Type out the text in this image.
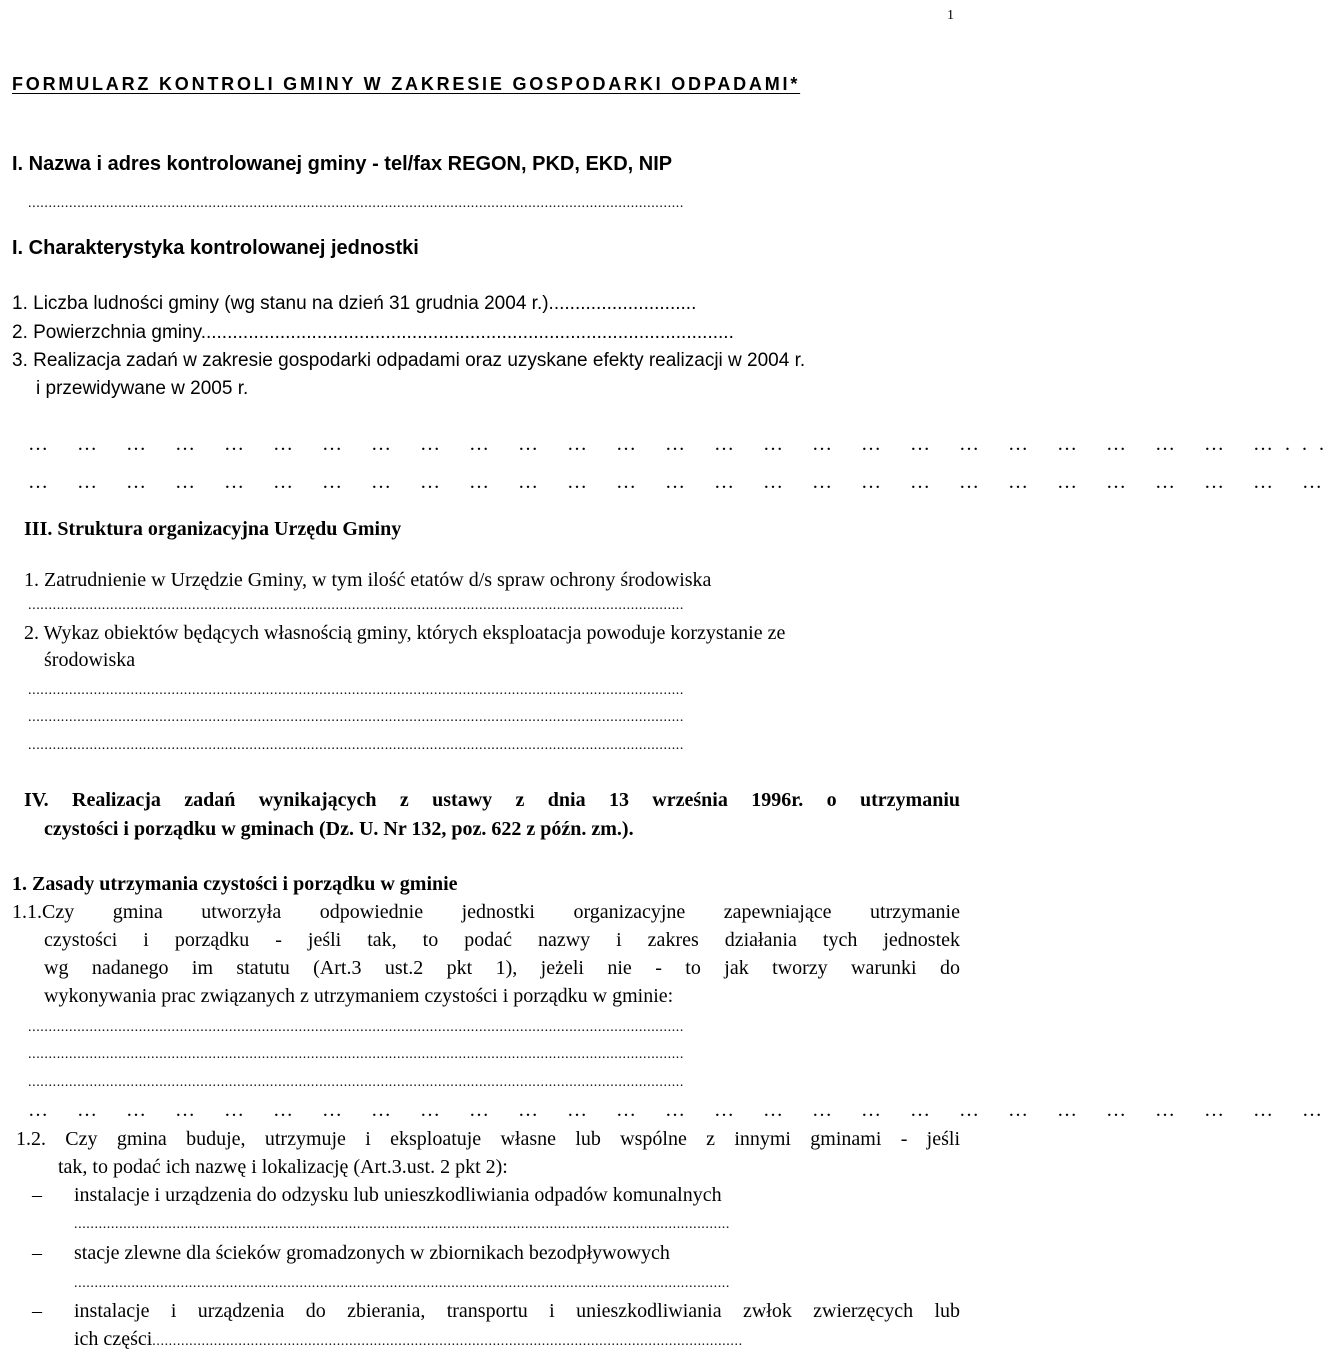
1
FORMULARZ KONTROLI GMINY W ZAKRESIE GOSPODARKI ODPADAMI*
I. Nazwa i adres kontrolowanej gminy - tel/fax REGON, PKD, EKD, NIP
................................................................................................................................................................
I. Charakterystyka kontrolowanej jednostki
1. Liczba ludności gminy (wg stanu na dzień 31 grudnia 2004 r.)............................
2. Powierzchnia gminy.....................................................................................................
3. Realizacja zadań w zakresie gospodarki odpadami oraz uzyskane efekty realizacji w 2004 r.
i przewidywane w 2005 r.
… … … … … … … … … … … … … … … … … … … … … … … … … …...
… … … … … … … … … … … … … … … … … … … … … … … … … … …
III. Struktura organizacyjna Urzędu Gminy
1. Zatrudnienie w Urzędzie Gminy, w tym ilość etatów d/s spraw ochrony środowiska
................................................................................................................................................................
2. Wykaz obiektów będących własnością gminy, których eksploatacja powoduje korzystanie ze
środowiska
................................................................................................................................................................
................................................................................................................................................................
................................................................................................................................................................
IV. Realizacja zadań wynikających z ustawy z dnia 13 września 1996r. o utrzymaniu
czystości i porządku w gminach (Dz. U. Nr 132, poz. 622 z późn. zm.).
1. Zasady utrzymania czystości i porządku w gminie
1.1.Czy gmina utworzyła odpowiednie jednostki organizacyjne zapewniające utrzymanie
czystości i porządku - jeśli tak, to podać nazwy i zakres działania tych jednostek
wg nadanego im statutu (Art.3 ust.2 pkt 1), jeżeli nie - to jak tworzy warunki do
wykonywania prac związanych z utrzymaniem czystości i porządku w gminie:
................................................................................................................................................................
................................................................................................................................................................
................................................................................................................................................................
… … … … … … … … … … … … … … … … … … … … … … … … … … …
1.2. Czy gmina buduje, utrzymuje i eksploatuje własne lub wspólne z innymi gminami - jeśli
tak, to podać ich nazwę i lokalizację (Art.3.ust. 2 pkt 2):
– instalacje i urządzenia do odzysku lub unieszkodliwiania odpadów komunalnych
................................................................................................................................................................
– stacje zlewne dla ścieków gromadzonych w zbiornikach bezodpływowych
................................................................................................................................................................
– instalacje i urządzenia do zbierania, transportu i unieszkodliwiania zwłok zwierzęcych lub
ich części................................................................................................................................................
